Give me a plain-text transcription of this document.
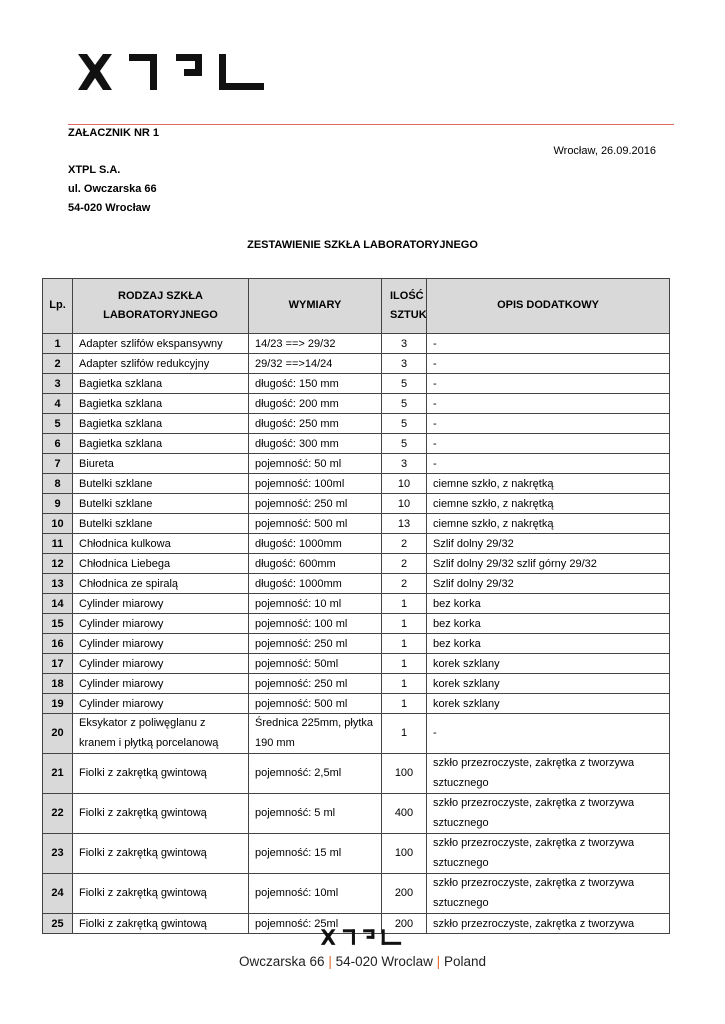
ZAŁACZNIK NR 1
Wrocław, 26.09.2016
XTPL S.A.
ul. Owczarska 66
54-020 Wrocław
ZESTAWIENIE SZKŁA LABORATORYJNEGO
Lp.	RODZAJ SZKŁA LABORATORYJNEGO	WYMIARY	ILOŚĆ SZTUK	OPIS DODATKOWY
1	Adapter szlifów ekspansywny	14/23 ==> 29/32	3	-
2	Adapter szlifów redukcyjny	29/32 ==>14/24	3	-
3	Bagietka szklana	długość: 150 mm	5	-
4	Bagietka szklana	długość: 200 mm	5	-
5	Bagietka szklana	długość: 250 mm	5	-
6	Bagietka szklana	długość: 300 mm	5	-
7	Biureta	pojemność: 50 ml	3	-
8	Butelki szklane	pojemność: 100ml	10	ciemne szkło, z nakrętką
9	Butelki szklane	pojemność: 250 ml	10	ciemne szkło, z nakrętką
10	Butelki szklane	pojemność: 500 ml	13	ciemne szkło, z nakrętką
11	Chłodnica kulkowa	długość: 1000mm	2	Szlif dolny 29/32
12	Chłodnica Liebega	długość: 600mm	2	Szlif dolny 29/32 szlif górny 29/32
13	Chłodnica ze spiralą	długość: 1000mm	2	Szlif dolny 29/32
14	Cylinder miarowy	pojemność: 10 ml	1	bez korka
15	Cylinder miarowy	pojemność: 100 ml	1	bez korka
16	Cylinder miarowy	pojemność: 250 ml	1	bez korka
17	Cylinder miarowy	pojemność: 50ml	1	korek szklany
18	Cylinder miarowy	pojemność: 250 ml	1	korek szklany
19	Cylinder miarowy	pojemność: 500 ml	1	korek szklany
20	Eksykator z poliwęglanu z kranem i płytką porcelanową	Średnica 225mm, płytka 190 mm	1	-
21	Fiolki z zakrętką gwintową	pojemność: 2,5ml	100	szkło przezroczyste, zakrętka z tworzywa sztucznego
22	Fiolki z zakrętką gwintową	pojemność: 5 ml	400	szkło przezroczyste, zakrętka z tworzywa sztucznego
23	Fiolki z zakrętką gwintową	pojemność: 15 ml	100	szkło przezroczyste, zakrętka z tworzywa sztucznego
24	Fiolki z zakrętką gwintową	pojemność: 10ml	200	szkło przezroczyste, zakrętka z tworzywa sztucznego
25	Fiolki z zakrętką gwintową	pojemność: 25ml	200	szkło przezroczyste, zakrętka z tworzywa
Owczarska 66 | 54-020 Wroclaw | Poland
